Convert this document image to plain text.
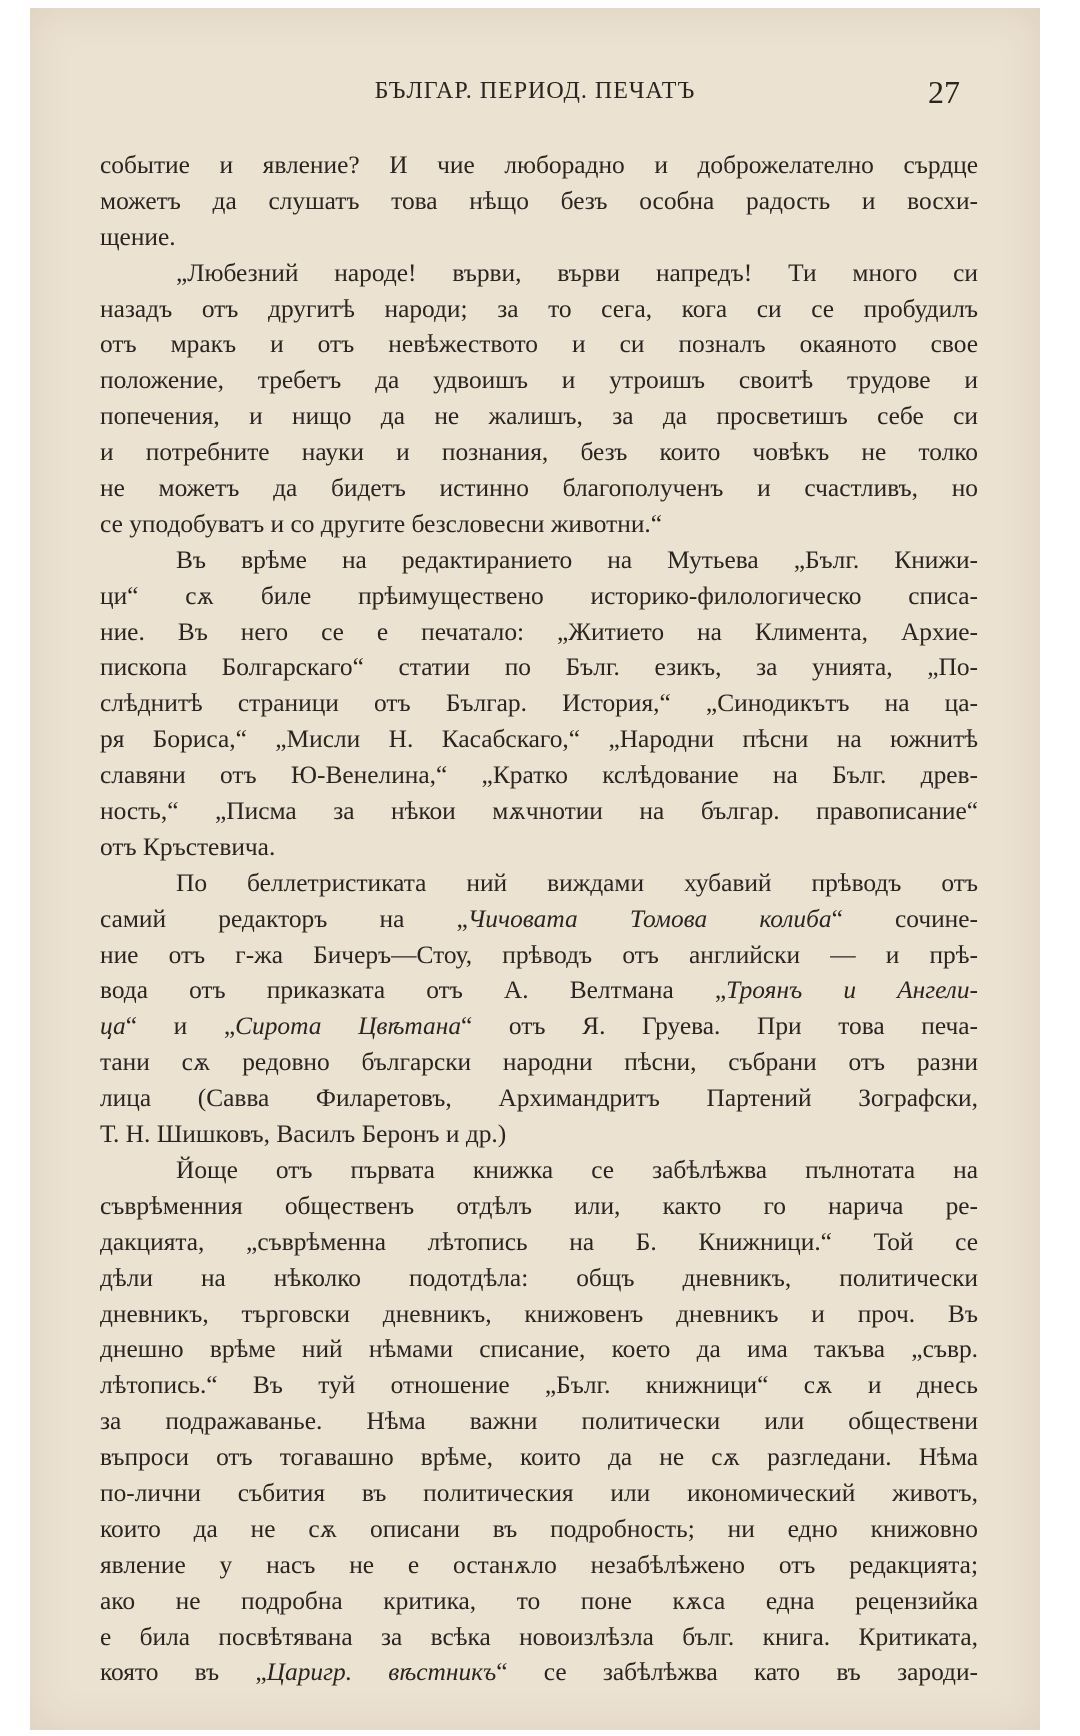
БЪЛГАР. ПЕРИОД. ПЕЧАТЪ	27
событие и явление? И чие люборадно и доброжелателно сърдце
можетъ да слушатъ това нѣщо безъ особна радость и восхи-
щение.
„Любезний народе! върви, върви напредъ! Ти много си
назадъ отъ другитѣ народи; за то сега, кога си се пробудилъ
отъ мракъ и отъ невѣжеството и си позналъ окаяното свое
положение, требетъ да удвоишъ и утроишъ своитѣ трудове и
попечения, и нищо да не жалишъ, за да просветишъ себе си
и потребните науки и познания, безъ които човѣкъ не толко
не можетъ да бидетъ истинно благополученъ и счастливъ, но
се уподобуватъ и со другите безсловесни животни.“
Въ врѣме на редактиранието на Мутьева „Бълг. Книжи-
ци“ сѫ биле прѣимуществено историко-филологическо списа-
ние. Въ него се е печатало: „Житието на Климента, Архие-
пископа Болгарскаго“ статии по Бълг. езикъ, за унията, „По-
слѣднитѣ страници отъ Българ. История,“ „Синодикътъ на ца-
ря Бориса,“ „Мисли Н. Касабскаго,“ „Народни пѣсни на южнитѣ
славяни отъ Ю-Венелина,“ „Кратко кслѣдование на Бълг. древ-
ность,“ „Писма за нѣкои мѫчнотии на българ. правописание“
отъ Кръстевича.
По беллетристиката ний виждами хубавий прѣводъ отъ
самий редакторъ на „Чичовата Томова колиба“ сочине-
ние отъ г-жа Бичеръ—Стоу, прѣводъ отъ английски — и прѣ-
вода отъ приказката отъ А. Велтмана „Троянъ и Ангели-
ца“ и „Сирота Цвѣтана“ отъ Я. Груева. При това печа-
тани сѫ редовно български народни пѣсни, събрани отъ разни
лица (Савва Филаретовъ, Архимандритъ Партений Зографски,
Т. Н. Шишковъ, Василъ Беронъ и др.)
Йоще отъ първата книжка се забѣлѣжва пълнотата на
съврѣменния общественъ отдѣлъ или, както го нарича ре-
дакцията, „съврѣменна лѣтопись на Б. Книжници.“ Той се
дѣли на нѣколко подотдѣла: общъ дневникъ, политически
дневникъ, търговски дневникъ, книжовенъ дневникъ и проч. Въ
днешно врѣме ний нѣмами списание, което да има такъва „съвр.
лѣтопись.“ Въ туй отношение „Бълг. книжници“ сѫ и днесь
за подражаванье. Нѣма важни политически или обществени
въпроси отъ тогавашно врѣме, които да не сѫ разгледани. Нѣма
по-лични събития въ политическия или икономический животъ,
които да не сѫ описани въ подробность; ни едно книжовно
явление у насъ не е останѫло незабѣлѣжено отъ редакцията;
ако не подробна критика, то поне кѫса една рецензийка
е била посвѣтявана за всѣка новоизлѣзла бълг. книга. Критиката,
която въ „Царигр. вѣстникъ“ се забѣлѣжва като въ зароди-
